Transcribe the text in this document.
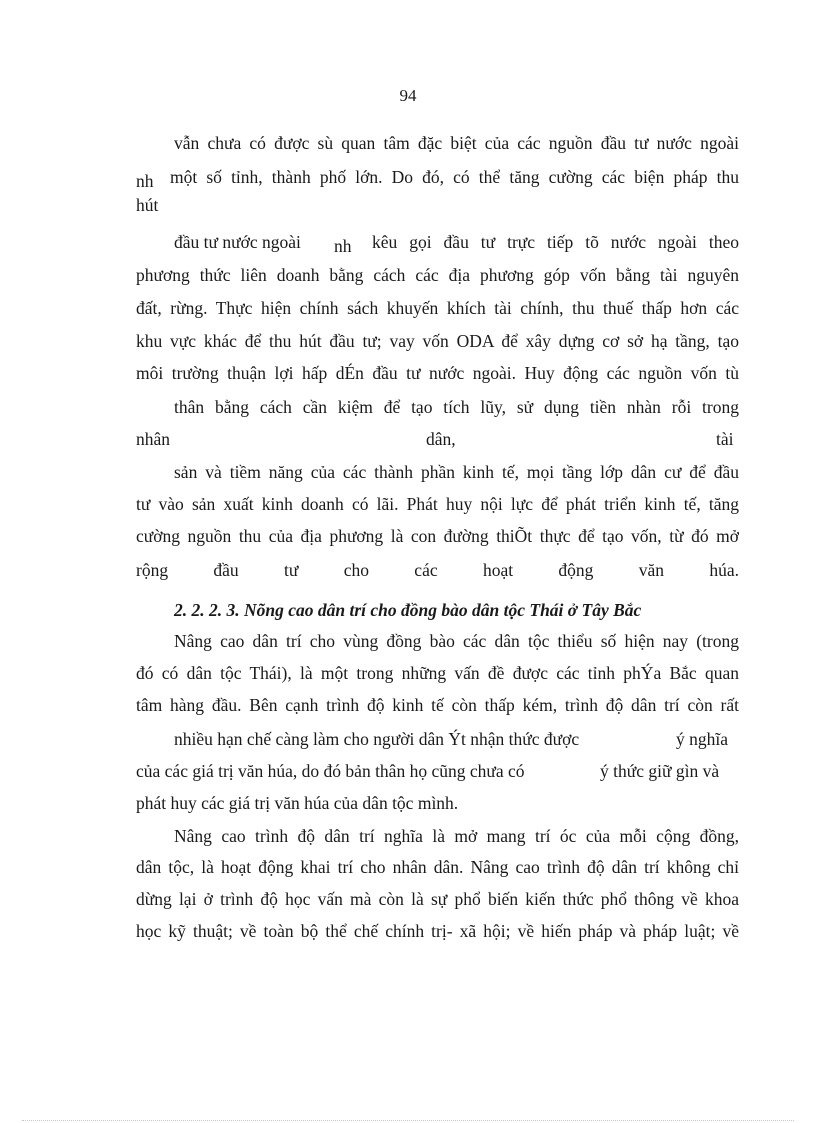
94
vẫn chưa có được sù quan tâm đặc biệt của các nguồn đầu tư nước ngoài
nh một số tỉnh, thành phố lớn. Do đó, có thể tăng cường các biện pháp thu
hút
đầu tư nước ngoài nh kêu gọi đầu tư trực tiếp tõ nước ngoài theo
phương thức liên doanh bằng cách các địa phương góp vốn bằng tài nguyên
đất, rừng. Thực hiện chính sách khuyến khích tài chính, thu thuế thấp hơn các
khu vực khác để thu hút đầu tư; vay vốn ODA để xây dựng cơ sở hạ tầng, tạo
môi trường thuận lợi hấp dÉn đầu tư nước ngoài. Huy động các nguồn vốn tù
thân bằng cách cần kiệm để tạo tích lũy, sử dụng tiền nhàn rỗi trong
nhân	dân,	tài
sản và tiềm năng của các thành phần kinh tế, mọi tầng lớp dân cư để đầu
tư vào sản xuất kinh doanh có lãi. Phát huy nội lực để phát triển kinh tế, tăng
cường nguồn thu của địa phương là con đường thiÕt thực để tạo vốn, từ đó mở
rộng đầu tư cho các hoạt động văn húa.
2. 2. 2. 3. Nõng cao dân trí cho đồng bào dân tộc Thái ở Tây Bắc
Nâng cao dân trí cho vùng đồng bào các dân tộc thiểu số hiện nay (trong
đó có dân tộc Thái), là một trong những vấn đề được các tỉnh phÝa Bắc quan
tâm hàng đầu. Bên cạnh trình độ kinh tế còn thấp kém, trình độ dân trí còn rất
nhiều hạn chế càng làm cho người dân Ýt nhận thức được	ý nghĩa
của các giá trị văn húa, do đó bản thân họ cũng chưa có	ý thức giữ gìn và
phát huy các giá trị văn húa của dân tộc mình.
Nâng cao trình độ dân trí nghĩa là mở mang trí óc của mỗi cộng đồng,
dân tộc, là hoạt động khai trí cho nhân dân. Nâng cao trình độ dân trí không chỉ
dừng lại ở trình độ học vấn mà còn là sự phổ biến kiến thức phổ thông về khoa
học kỹ thuật; về toàn bộ thể chế chính trị- xã hội; về hiến pháp và pháp luật; về
